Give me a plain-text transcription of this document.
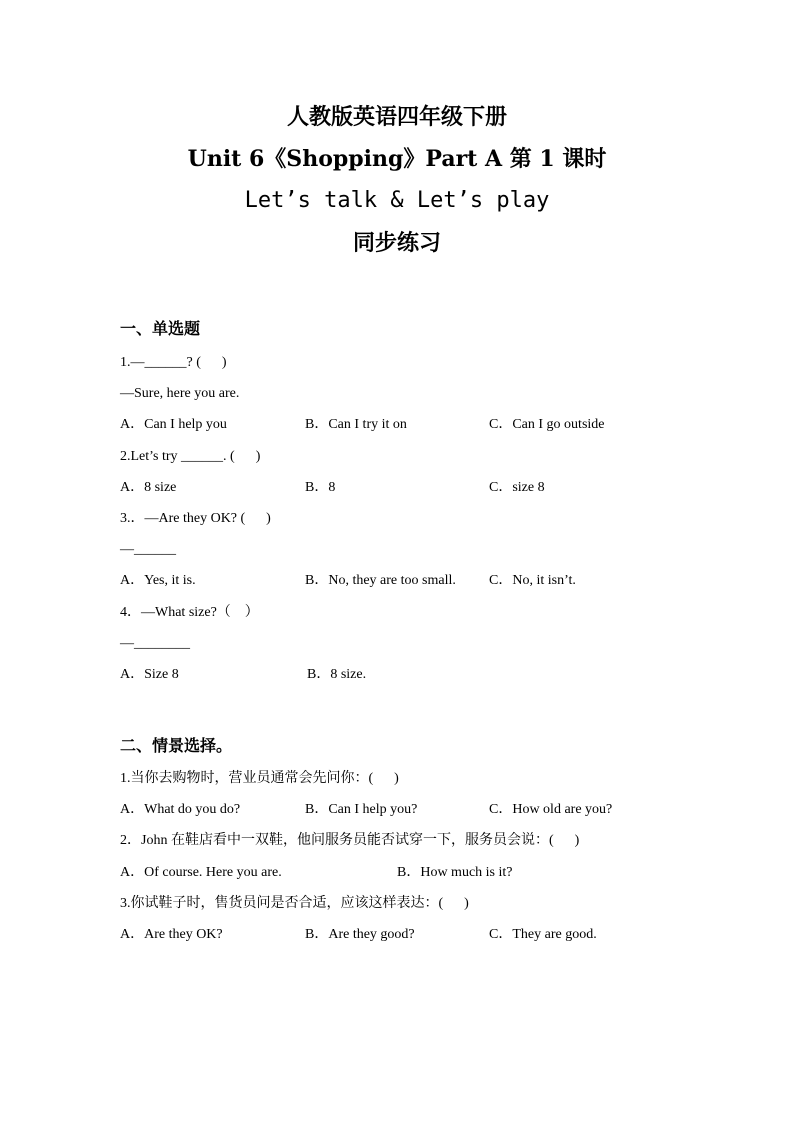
人教版英语四年级下册
Unit 6《Shopping》Part A 第 1 课时
Let’s talk & Let’s play
同步练习
一、单选题
1.—______? (      )
—Sure, here you are.
A．Can I help you	B．Can I try it on	C．Can I go outside
2.Let’s try ______. (      )
A．8 size	B．8	C．size 8
3.．—Are they OK? (      )
—______
A．Yes, it is.	B．No, they are too small. C．No, it isn’t.
4．—What size?（    ）
—________
A．Size 8	B．8 size.
二、情景选择。
1.当你去购物时，营业员通常会先问你：(      )
A．What do you do?	B．Can I help you?	C．How old are you?
2．John 在鞋店看中一双鞋，他问服务员能否试穿一下，服务员会说：(      )
A．Of course. Here you are.	B．How much is it?
3.你试鞋子时，售货员问是否合适，应该这样表达：(      )
A．Are they OK?	B．Are they good?	C．They are good.
